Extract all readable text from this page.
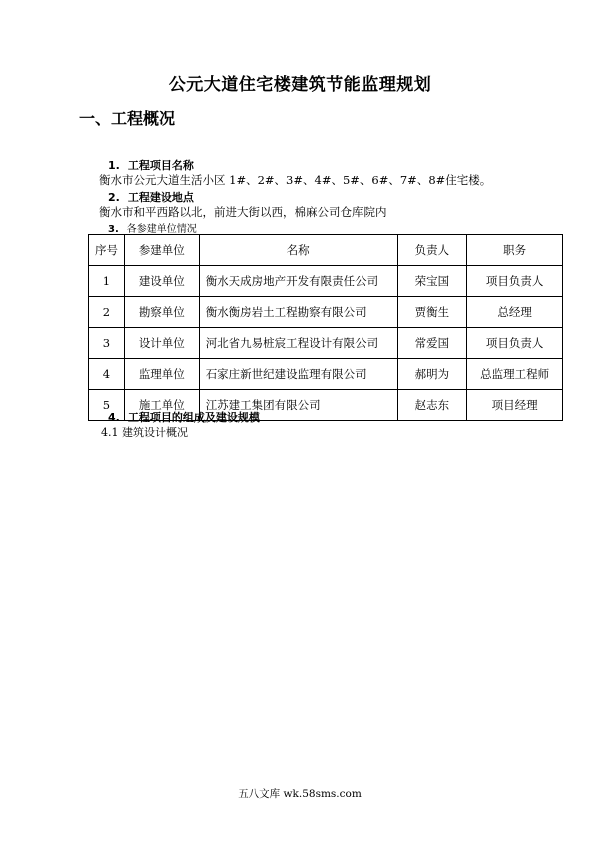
公元大道住宅楼建筑节能监理规划
一、工程概况
1. 工程项目名称
衡水市公元大道生活小区 1#、2#、3#、4#、5#、6#、7#、8#住宅楼。
2. 工程建设地点
衡水市和平西路以北，前进大街以西，棉麻公司仓库院内
3. 各参建单位情况
序号	参建单位	名称	负责人	职务
1	建设单位	衡水天成房地产开发有限责任公司	荣宝国	项目负责人
2	勘察单位	衡水衡房岩土工程勘察有限公司	贾衡生	总经理
3	设计单位	河北省九易桩宸工程设计有限公司	常爱国	项目负责人
4	监理单位	石家庄新世纪建设监理有限公司	郝明为	总监理工程师
5	施工单位	江苏建工集团有限公司	赵志东	项目经理
4. 工程项目的组成及建设规模
4.1 建筑设计概况
五八文库 wk.58sms.com
